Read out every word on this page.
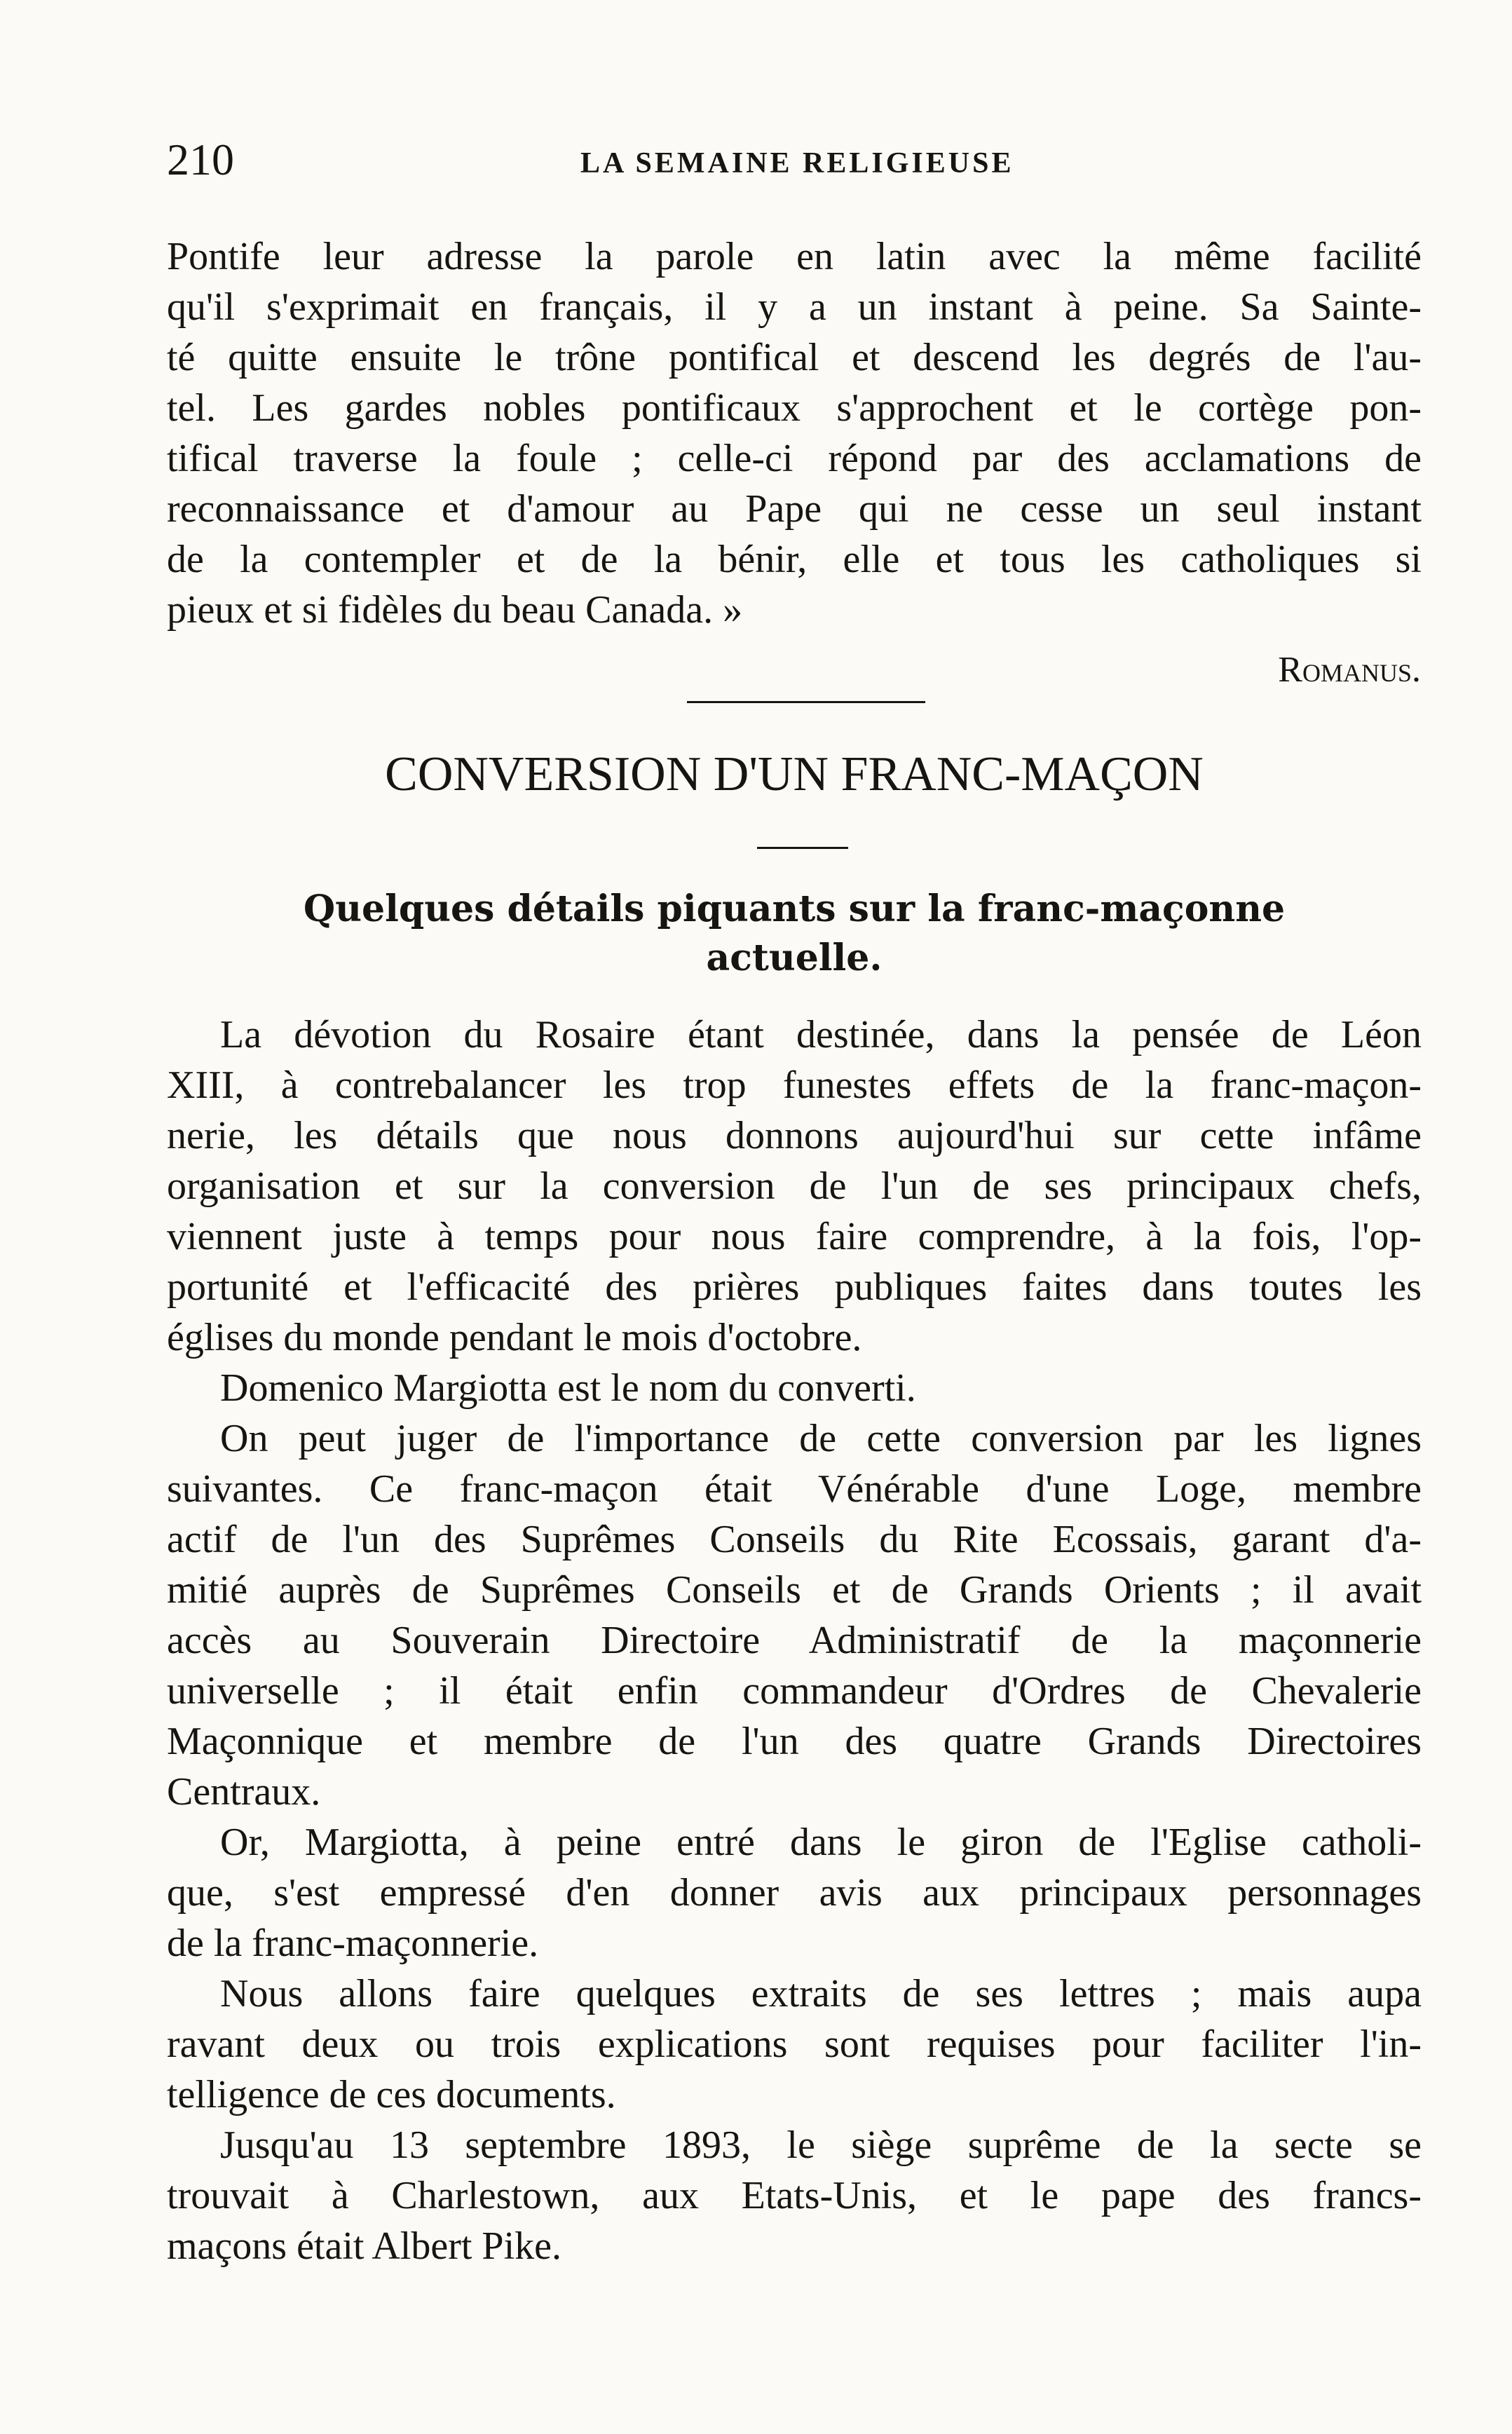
210	LA SEMAINE RELIGIEUSE
Pontife leur adresse la parole en latin avec la même facilité
qu'il s'exprimait en français, il y a un instant à peine. Sa Sainte-
té quitte ensuite le trône pontifical et descend les degrés de l'au-
tel. Les gardes nobles pontificaux s'approchent et le cortège pon-
tifical traverse la foule ; celle-ci répond par des acclamations de
reconnaissance et d'amour au Pape qui ne cesse un seul instant
de la contempler et de la bénir, elle et tous les catholiques si
pieux et si fidèles du beau Canada. »
Romanus.
CONVERSION D'UN FRANC-MAÇON
Quelques détails piquants sur la franc-maçonne
actuelle.
La dévotion du Rosaire étant destinée, dans la pensée de Léon
XIII, à contrebalancer les trop funestes effets de la franc-maçon-
nerie, les détails que nous donnons aujourd'hui sur cette infâme
organisation et sur la conversion de l'un de ses principaux chefs,
viennent juste à temps pour nous faire comprendre, à la fois, l'op-
portunité et l'efficacité des prières publiques faites dans toutes les
églises du monde pendant le mois d'octobre.
Domenico Margiotta est le nom du converti.
On peut juger de l'importance de cette conversion par les lignes
suivantes. Ce franc-maçon était Vénérable d'une Loge, membre
actif de l'un des Suprêmes Conseils du Rite Ecossais, garant d'a-
mitié auprès de Suprêmes Conseils et de Grands Orients ; il avait
accès au Souverain Directoire Administratif de la maçonnerie
universelle ; il était enfin commandeur d'Ordres de Chevalerie
Maçonnique et membre de l'un des quatre Grands Directoires
Centraux.
Or, Margiotta, à peine entré dans le giron de l'Eglise catholi-
que, s'est empressé d'en donner avis aux principaux personnages
de la franc-maçonnerie.
Nous allons faire quelques extraits de ses lettres ; mais aupa
ravant deux ou trois explications sont requises pour faciliter l'in-
telligence de ces documents.
Jusqu'au 13 septembre 1893, le siège suprême de la secte se
trouvait à Charlestown, aux Etats-Unis, et le pape des francs-
maçons était Albert Pike.
